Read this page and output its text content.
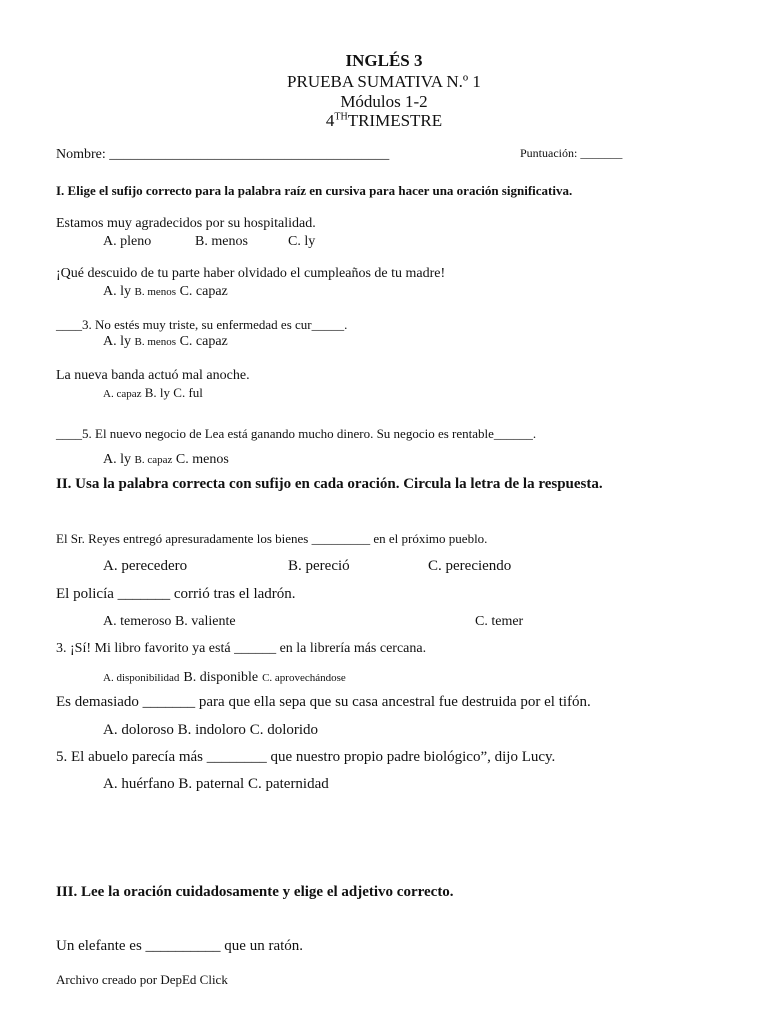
INGLÉS 3
PRUEBA SUMATIVA N.º 1
Módulos 1-2
4THTRIMESTRE
Nombre: ________________________________________	Puntuación: _______
I. Elige el sufijo correcto para la palabra raíz en cursiva para hacer una oración significativa.
Estamos muy agradecidos por su hospitalidad.
A. pleno	B. menos	C. ly
¡Qué descuido de tu parte haber olvidado el cumpleaños de tu madre!
A. ly B. menos C. capaz
____3. No estés muy triste, su enfermedad es cur_____.
A. ly B. menos C. capaz
La nueva banda actuó mal anoche.
A. capaz B. ly C. ful
____5. El nuevo negocio de Lea está ganando mucho dinero. Su negocio es rentable______.
A. ly B. capaz C. menos
II. Usa la palabra correcta con sufijo en cada oración. Circula la letra de la respuesta.
El Sr. Reyes entregó apresuradamente los bienes _________ en el próximo pueblo.
A. perecedero	B. pereció	C. pereciendo
El policía _______ corrió tras el ladrón.
A. temeroso B. valiente	C. temer
3. ¡Sí! Mi libro favorito ya está ______ en la librería más cercana.
A. disponibilidad B. disponible C. aprovechándose
Es demasiado _______ para que ella sepa que su casa ancestral fue destruida por el tifón.
A. doloroso B. indoloro C. dolorido
5. El abuelo parecía más ________ que nuestro propio padre biológico”, dijo Lucy.
A. huérfano B. paternal C. paternidad
III. Lee la oración cuidadosamente y elige el adjetivo correcto.
Un elefante es __________ que un ratón.
Archivo creado por DepEd Click
